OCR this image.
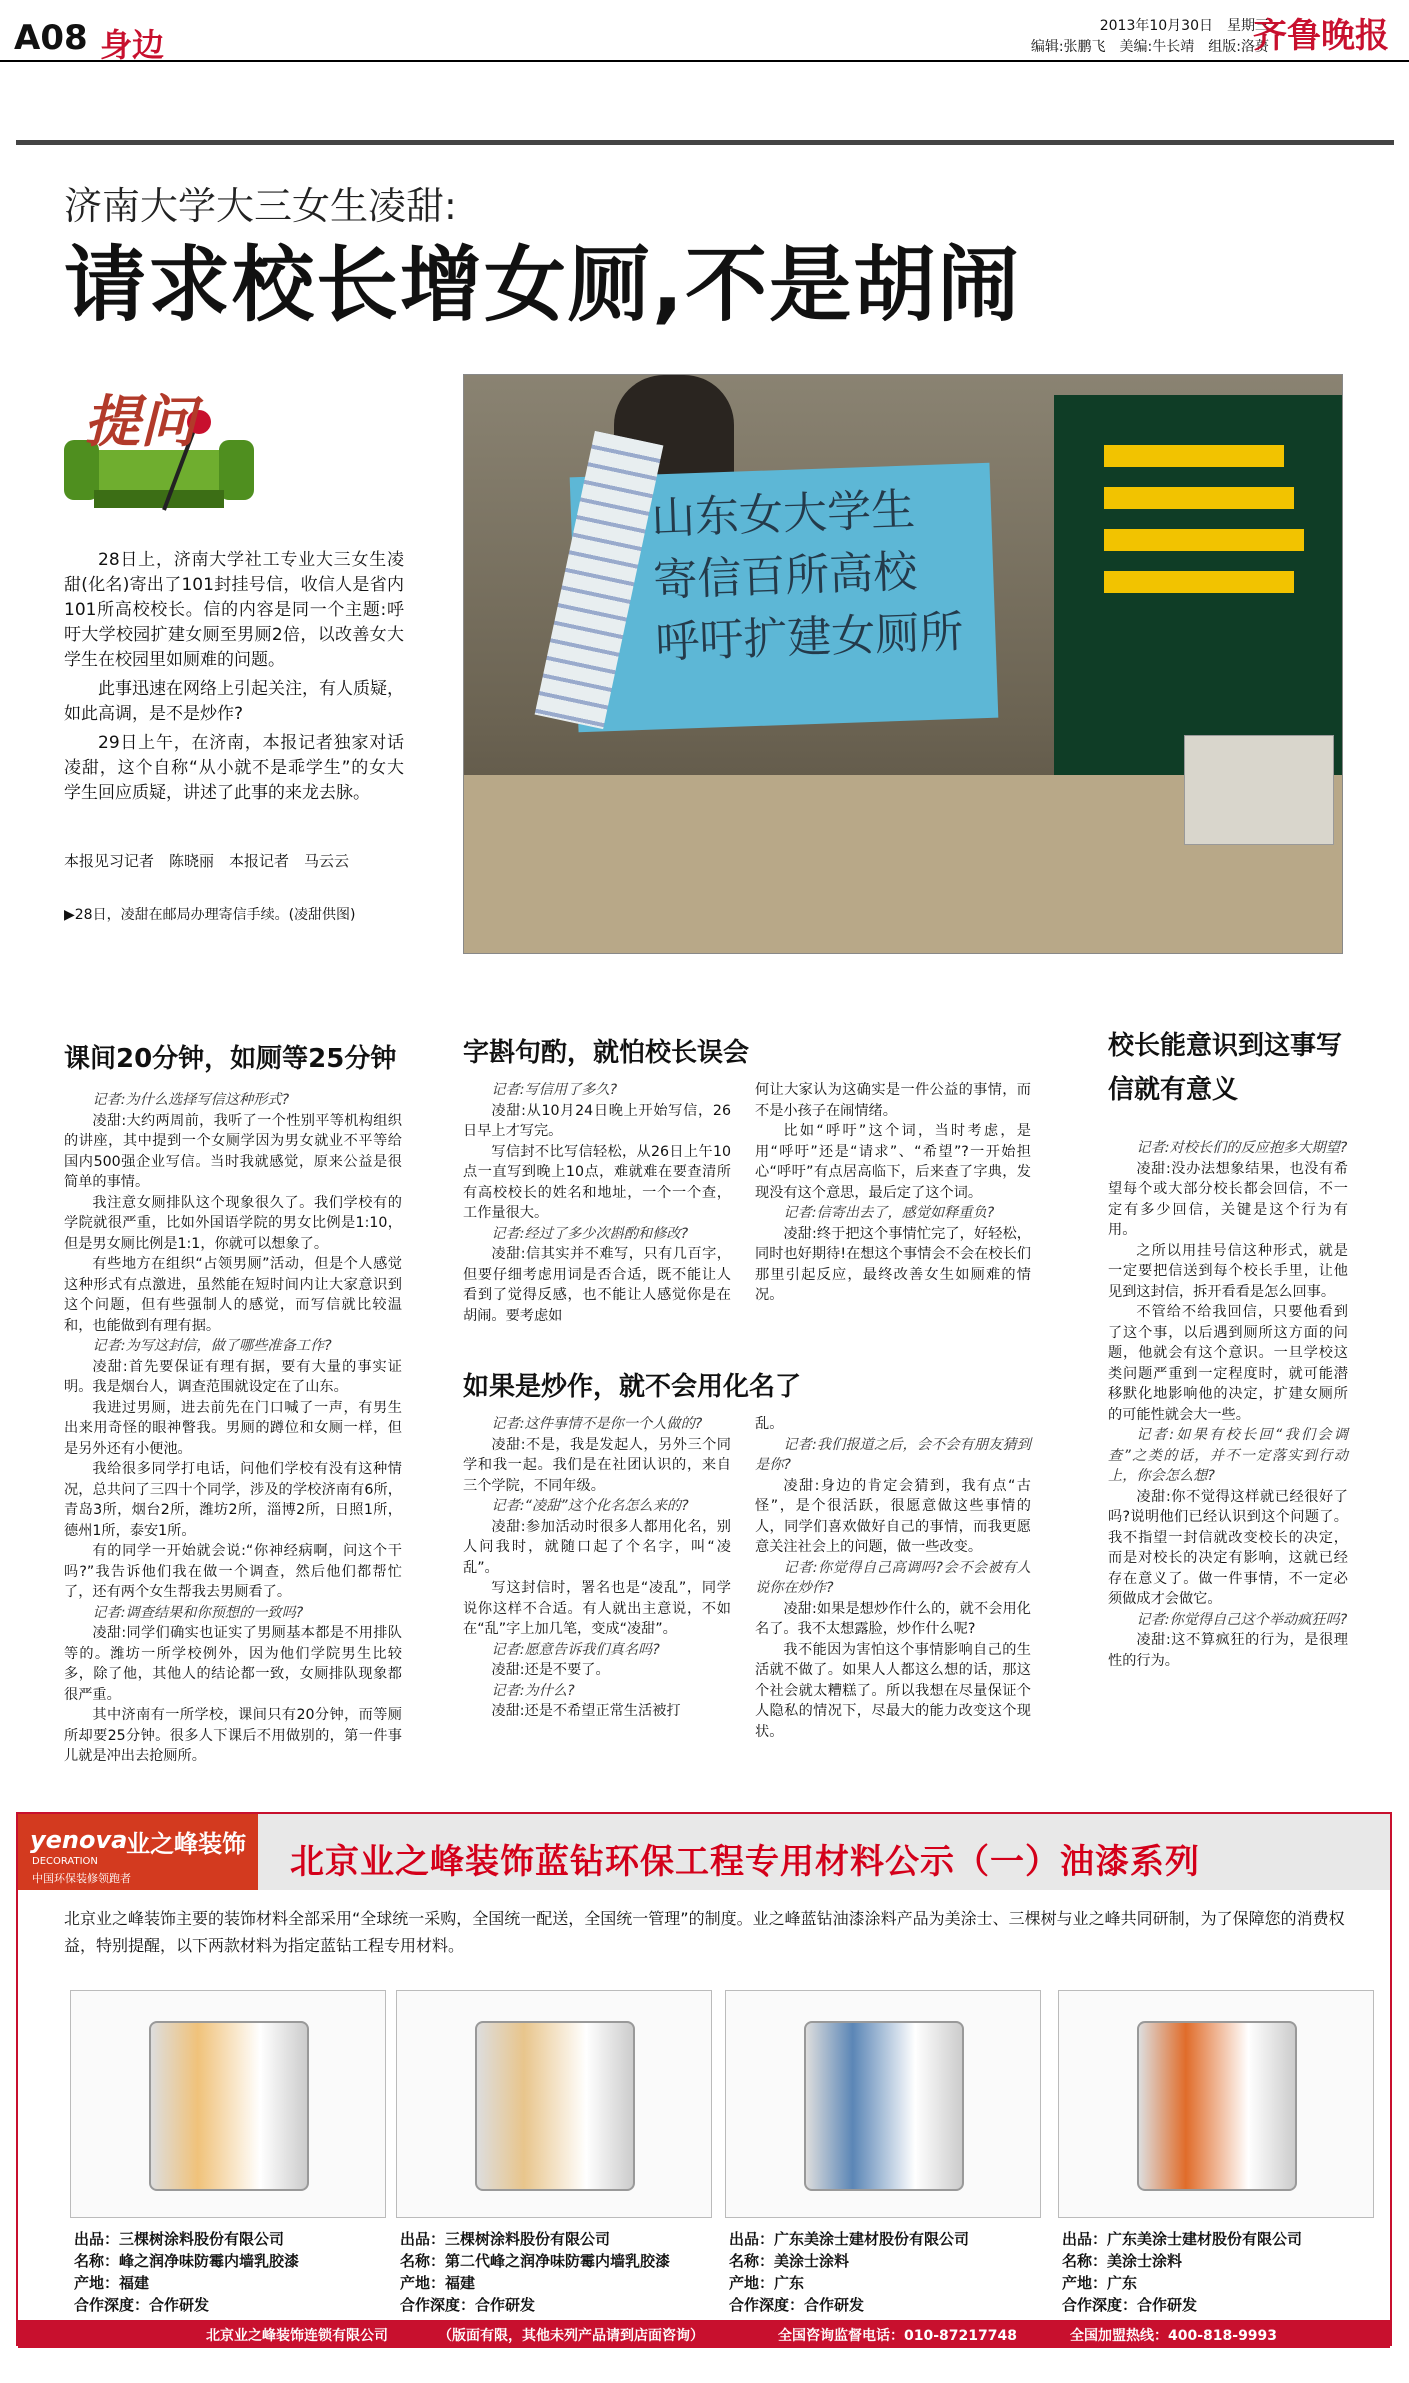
A08 身边	2013年10月30日　星期三
编辑:张鹏飞　美编:牛长靖　组版:洛蒉
齐鲁晚报
济南大学大三女生凌甜:
请求校长增女厕,不是胡闹
提问

28日上，济南大学社工专业大三女生凌甜(化名)寄出了101封挂号信，收信人是省内101所高校校长。信的内容是同一个主题:呼吁大学校园扩建女厕至男厕2倍，以改善女大学生在校园里如厕难的问题。

此事迅速在网络上引起关注，有人质疑，如此高调，是不是炒作?

29日上午，在济南，本报记者独家对话凌甜，这个自称“从小就不是乖学生”的女大学生回应质疑，讲述了此事的来龙去脉。

本报见习记者　陈晓丽　本报记者　马云云
▶28日，凌甜在邮局办理寄信手续。(凌甜供图)
山东女大学生
寄信百所高校
呼吁扩建女厕所
课间20分钟，如厕等25分钟

记者:为什么选择写信这种形式?

凌甜:大约两周前，我听了一个性别平等机构组织的讲座，其中提到一个女厕学因为男女就业不平等给国内500强企业写信。当时我就感觉，原来公益是很简单的事情。

我注意女厕排队这个现象很久了。我们学校有的学院就很严重，比如外国语学院的男女比例是1:10，但是男女厕比例是1:1，你就可以想象了。

有些地方在组织“占领男厕”活动，但是个人感觉这种形式有点激进，虽然能在短时间内让大家意识到这个问题，但有些强制人的感觉，而写信就比较温和，也能做到有理有据。

记者:为写这封信，做了哪些准备工作?

凌甜:首先要保证有理有据，要有大量的事实证明。我是烟台人，调查范围就设定在了山东。

我进过男厕，进去前先在门口喊了一声，有男生出来用奇怪的眼神瞥我。男厕的蹲位和女厕一样，但是另外还有小便池。

我给很多同学打电话，问他们学校有没有这种情况，总共问了三四十个同学，涉及的学校济南有6所，青岛3所，烟台2所，潍坊2所，淄博2所，日照1所，德州1所，泰安1所。

有的同学一开始就会说:“你神经病啊，问这个干吗?”我告诉他们我在做一个调查，然后他们都帮忙了，还有两个女生帮我去男厕看了。

记者:调查结果和你预想的一致吗?

凌甜:同学们确实也证实了男厕基本都是不用排队等的。潍坊一所学校例外，因为他们学院男生比较多，除了他，其他人的结论都一致，女厕排队现象都很严重。

其中济南有一所学校，课间只有20分钟，而等厕所却要25分钟。很多人下课后不用做别的，第一件事儿就是冲出去抢厕所。

字斟句酌，就怕校长误会

记者:写信用了多久?

凌甜:从10月24日晚上开始写信，26日早上才写完。

写信封不比写信轻松，从26日上午10点一直写到晚上10点，难就难在要查清所有高校校长的姓名和地址，一个一个查，工作量很大。

记者:经过了多少次斟酌和修改?

凌甜:信其实并不难写，只有几百字，但要仔细考虑用词是否合适，既不能让人看到了觉得反感，也不能让人感觉你是在胡闹。要考虑如

何让大家认为这确实是一件公益的事情，而不是小孩子在闹情绪。

比如“呼吁”这个词，当时考虑，是用“呼吁”还是“请求”、“希望”?一开始担心“呼吁”有点居高临下，后来查了字典，发现没有这个意思，最后定了这个词。

记者:信寄出去了，感觉如释重负?

凌甜:终于把这个事情忙完了，好轻松，同时也好期待!在想这个事情会不会在校长们那里引起反应，最终改善女生如厕难的情况。

如果是炒作，就不会用化名了

记者:这件事情不是你一个人做的?

凌甜:不是，我是发起人，另外三个同学和我一起。我们是在社团认识的，来自三个学院，不同年级。

记者:“凌甜”这个化名怎么来的?

凌甜:参加活动时很多人都用化名，别人问我时，就随口起了个名字，叫“凌乱”。

写这封信时，署名也是“凌乱”，同学说你这样不合适。有人就出主意说，不如在“乱”字上加几笔，变成“凌甜”。

记者:愿意告诉我们真名吗?

凌甜:还是不要了。

记者:为什么?

凌甜:还是不希望正常生活被打

乱。

记者:我们报道之后，会不会有朋友猜到是你?

凌甜:身边的肯定会猜到，我有点“古怪”，是个很活跃，很愿意做这些事情的人，同学们喜欢做好自己的事情，而我更愿意关注社会上的问题，做一些改变。

记者:你觉得自己高调吗?会不会被有人说你在炒作?

凌甜:如果是想炒作什么的，就不会用化名了。我不太想露脸，炒作什么呢?

我不能因为害怕这个事情影响自己的生活就不做了。如果人人都这么想的话，那这个社会就太糟糕了。所以我想在尽量保证个人隐私的情况下，尽最大的能力改变这个现状。

校长能意识到这事写信就有意义

记者:对校长们的反应抱多大期望?

凌甜:没办法想象结果，也没有希望每个或大部分校长都会回信，不一定有多少回信，关键是这个行为有用。

之所以用挂号信这种形式，就是一定要把信送到每个校长手里，让他见到这封信，拆开看看是怎么回事。

不管给不给我回信，只要他看到了这个事，以后遇到厕所这方面的问题，他就会有这个意识。一旦学校这类问题严重到一定程度时，就可能潜移默化地影响他的决定，扩建女厕所的可能性就会大一些。

记者:如果有校长回“我们会调查”之类的话，并不一定落实到行动上，你会怎么想?

凌甜:你不觉得这样就已经很好了吗?说明他们已经认识到这个问题了。我不指望一封信就改变校长的决定，而是对校长的决定有影响，这就已经存在意义了。做一件事情，不一定必须做成才会做它。

记者:你觉得自己这个举动疯狂吗?

凌甜:这不算疯狂的行为，是很理性的行为。

yenova
业之峰装饰
DECORATION
中国环保装修领跑者	北京业之峰装饰蓝钻环保工程专用材料公示（一）油漆系列
北京业之峰装饰主要的装饰材料全部采用“全球统一采购，全国统一配送，全国统一管理”的制度。业之峰蓝钻油漆涂料产品为美涂士、三棵树与业之峰共同研制，为了保障您的消费权益，特别提醒，以下两款材料为指定蓝钻工程专用材料。
出品：三棵树涂料股份有限公司
名称：峰之润净味防霉内墙乳胶漆
产地：福建
合作深度：合作研发
出品：三棵树涂料股份有限公司
名称：第二代峰之润净味防霉内墙乳胶漆
产地：福建
合作深度：合作研发
出品：广东美涂士建材股份有限公司
名称：美涂士涂料
产地：广东
合作深度：合作研发
出品：广东美涂士建材股份有限公司
名称：美涂士涂料
产地：广东
合作深度：合作研发
北京业之峰装饰连锁有限公司	（版面有限，其他未列产品请到店面咨询）	全国咨询监督电话：010-87217748	全国加盟热线：400-818-9993
